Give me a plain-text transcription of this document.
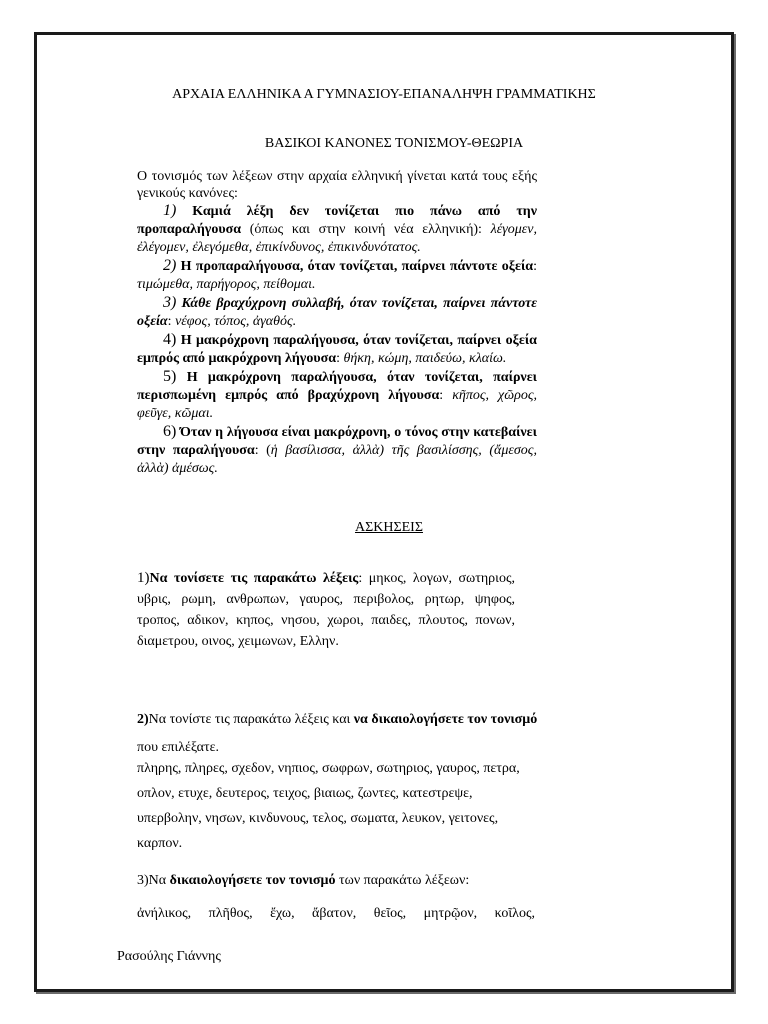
ΑΡΧΑΙΑ ΕΛΛΗΝΙΚΑ Α ΓΥΜΝΑΣΙΟΥ-ΕΠΑΝΑΛΗΨΗ ΓΡΑΜΜΑΤΙΚΗΣ
ΒΑΣΙΚΟΙ ΚΑΝΟΝΕΣ ΤΟΝΙΣΜΟΥ-ΘΕΩΡΙΑ
Ο τονισμός των λέξεων στην αρχαία ελληνική γίνεται κατά τους εξής γενικούς κανόνες:

1) Καμιά λέξη δεν τονίζεται πιο πάνω από την προπαραλήγουσα (όπως και στην κοινή νέα ελληνική): λέγομεν, ἐλέγομεν, ἐλεγόμεθα, ἐπικίνδυνος, ἐπικινδυνότατος.

2) Η προπαραλήγουσα, όταν τονίζεται, παίρνει πάντοτε οξεία: τιμώμεθα, παρήγορος, πείθομαι.

3) Κάθε βραχύχρονη συλλαβή, όταν τονίζεται, παίρνει πάντοτε οξεία: νέφος, τόπος, ἀγαθός.

4) Η μακρόχρονη παραλήγουσα, όταν τονίζεται, παίρνει οξεία εμπρός από μακρόχρονη λήγουσα: θήκη, κώμη, παιδεύω, κλαίω.

5) Η μακρόχρονη παραλήγουσα, όταν τονίζεται, παίρνει περισπωμένη εμπρός από βραχύχρονη λήγουσα: κῆπος, χῶρος, φεῦγε, κῶμαι.

6) Όταν η λήγουσα είναι μακρόχρονη, ο τόνος στην κατεβαίνει στην παραλήγουσα: (ἡ βασίλισσα, ἀλλὰ) τῆς βασιλίσσης, (ἄμεσος, ἀλλὰ) ἀμέσως.

ΑΣΚΗΣΕΙΣ
1)Να τονίσετε τις παρακάτω λέξεις: μηκος, λογων, σωτηριος, υβρις, ρωμη, ανθρωπων, γαυρος, περιβολος, ρητωρ, ψηφος, τροπος, αδικον, κηπος, νησου, χωροι, παιδες, πλουτος, πονων, διαμετρου, οινος, χειμωνων, Ελλην.
2)Να τονίστε τις παρακάτω λέξεις και να δικαιολογήσετε τον τονισμό
που επιλέξατε.
πληρης, πληρες, σχεδον, νηπιος, σωφρων, σωτηριος, γαυρος, πετρα,
οπλον, ετυχε, δευτερος, τειχος, βιαιως, ζωντες, κατεστρεψε,
υπερβολην, νησων, κινδυνους, τελος, σωματα, λευκον, γειτονες,
καρπον.
3)Να δικαιολογήσετε τον τονισμό των παρακάτω λέξεων:
ἀνήλικος, πλῆθος, ἔχω, ἄβατον, θεῖος, μητρῷον, κοῖλος,
Ρασούλης Γιάννης
